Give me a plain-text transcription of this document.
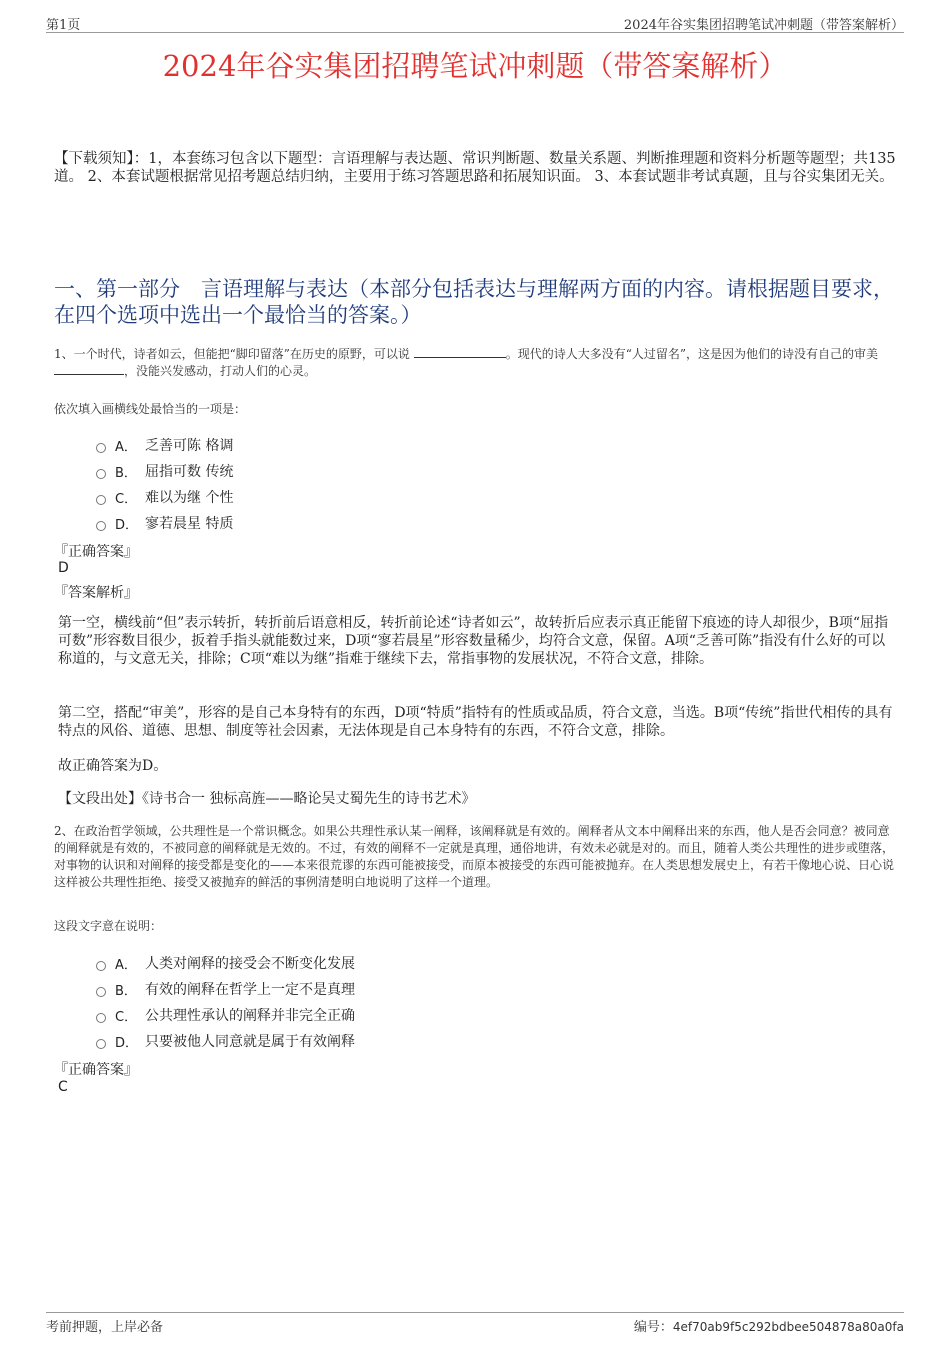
第1页	2024年谷实集团招聘笔试冲刺题（带答案解析）
2024年谷实集团招聘笔试冲刺题（带答案解析）
【下载须知】：1，本套练习包含以下题型：言语理解与表达题、常识判断题、数量关系题、判断推理题和资料分析题等题型；共135道。 2、本套试题根据常见招考题总结归纳，主要用于练习答题思路和拓展知识面。 3、本套试题非考试真题，且与谷实集团无关。
一、第一部分　言语理解与表达（本部分包括表达与理解两方面的内容。请根据题目要求，在四个选项中选出一个最恰当的答案。）
1、一个时代，诗者如云，但能把“脚印留落”在历史的原野，可以说	。现代的诗人大多没有“人过留名”，这是因为他们的诗没有自己的审美 ，没能兴发感动，打动人们的心灵。
依次填入画横线处最恰当的一项是：
A． 乏善可陈 格调
B． 屈指可数 传统
C． 难以为继 个性
D． 寥若晨星 特质
『正确答案』
D
『答案解析』
第一空，横线前“但”表示转折，转折前后语意相反，转折前论述“诗者如云”，故转折后应表示真正能留下痕迹的诗人却很少，B项“屈指可数”形容数目很少，扳着手指头就能数过来，D项“寥若晨星”形容数量稀少，均符合文意，保留。A项“乏善可陈”指没有什么好的可以称道的，与文意无关，排除；C项“难以为继”指难于继续下去，常指事物的发展状况，不符合文意，排除。
第二空，搭配“审美”，形容的是自己本身特有的东西，D项“特质”指特有的性质或品质，符合文意，当选。B项“传统”指世代相传的具有特点的风俗、道德、思想、制度等社会因素，无法体现是自己本身特有的东西，不符合文意，排除。
故正确答案为D。
【文段出处】《诗书合一 独标高旌——略论吴丈蜀先生的诗书艺术》
2、在政治哲学领域，公共理性是一个常识概念。如果公共理性承认某一阐释，该阐释就是有效的。阐释者从文本中阐释出来的东西，他人是否会同意？被同意的阐释就是有效的，不被同意的阐释就是无效的。不过，有效的阐释不一定就是真理，通俗地讲，有效未必就是对的。而且，随着人类公共理性的进步或堕落，对事物的认识和对阐释的接受都是变化的——本来很荒谬的东西可能被接受，而原本被接受的东西可能被抛弃。在人类思想发展史上，有若干像地心说、日心说这样被公共理性拒绝、接受又被抛弃的鲜活的事例清楚明白地说明了这样一个道理。
这段文字意在说明：
A． 人类对阐释的接受会不断变化发展
B． 有效的阐释在哲学上一定不是真理
C． 公共理性承认的阐释并非完全正确
D． 只要被他人同意就是属于有效阐释
『正确答案』
C
考前押题，上岸必备	编号：4ef70ab9f5c292bdbee504878a80a0fa
